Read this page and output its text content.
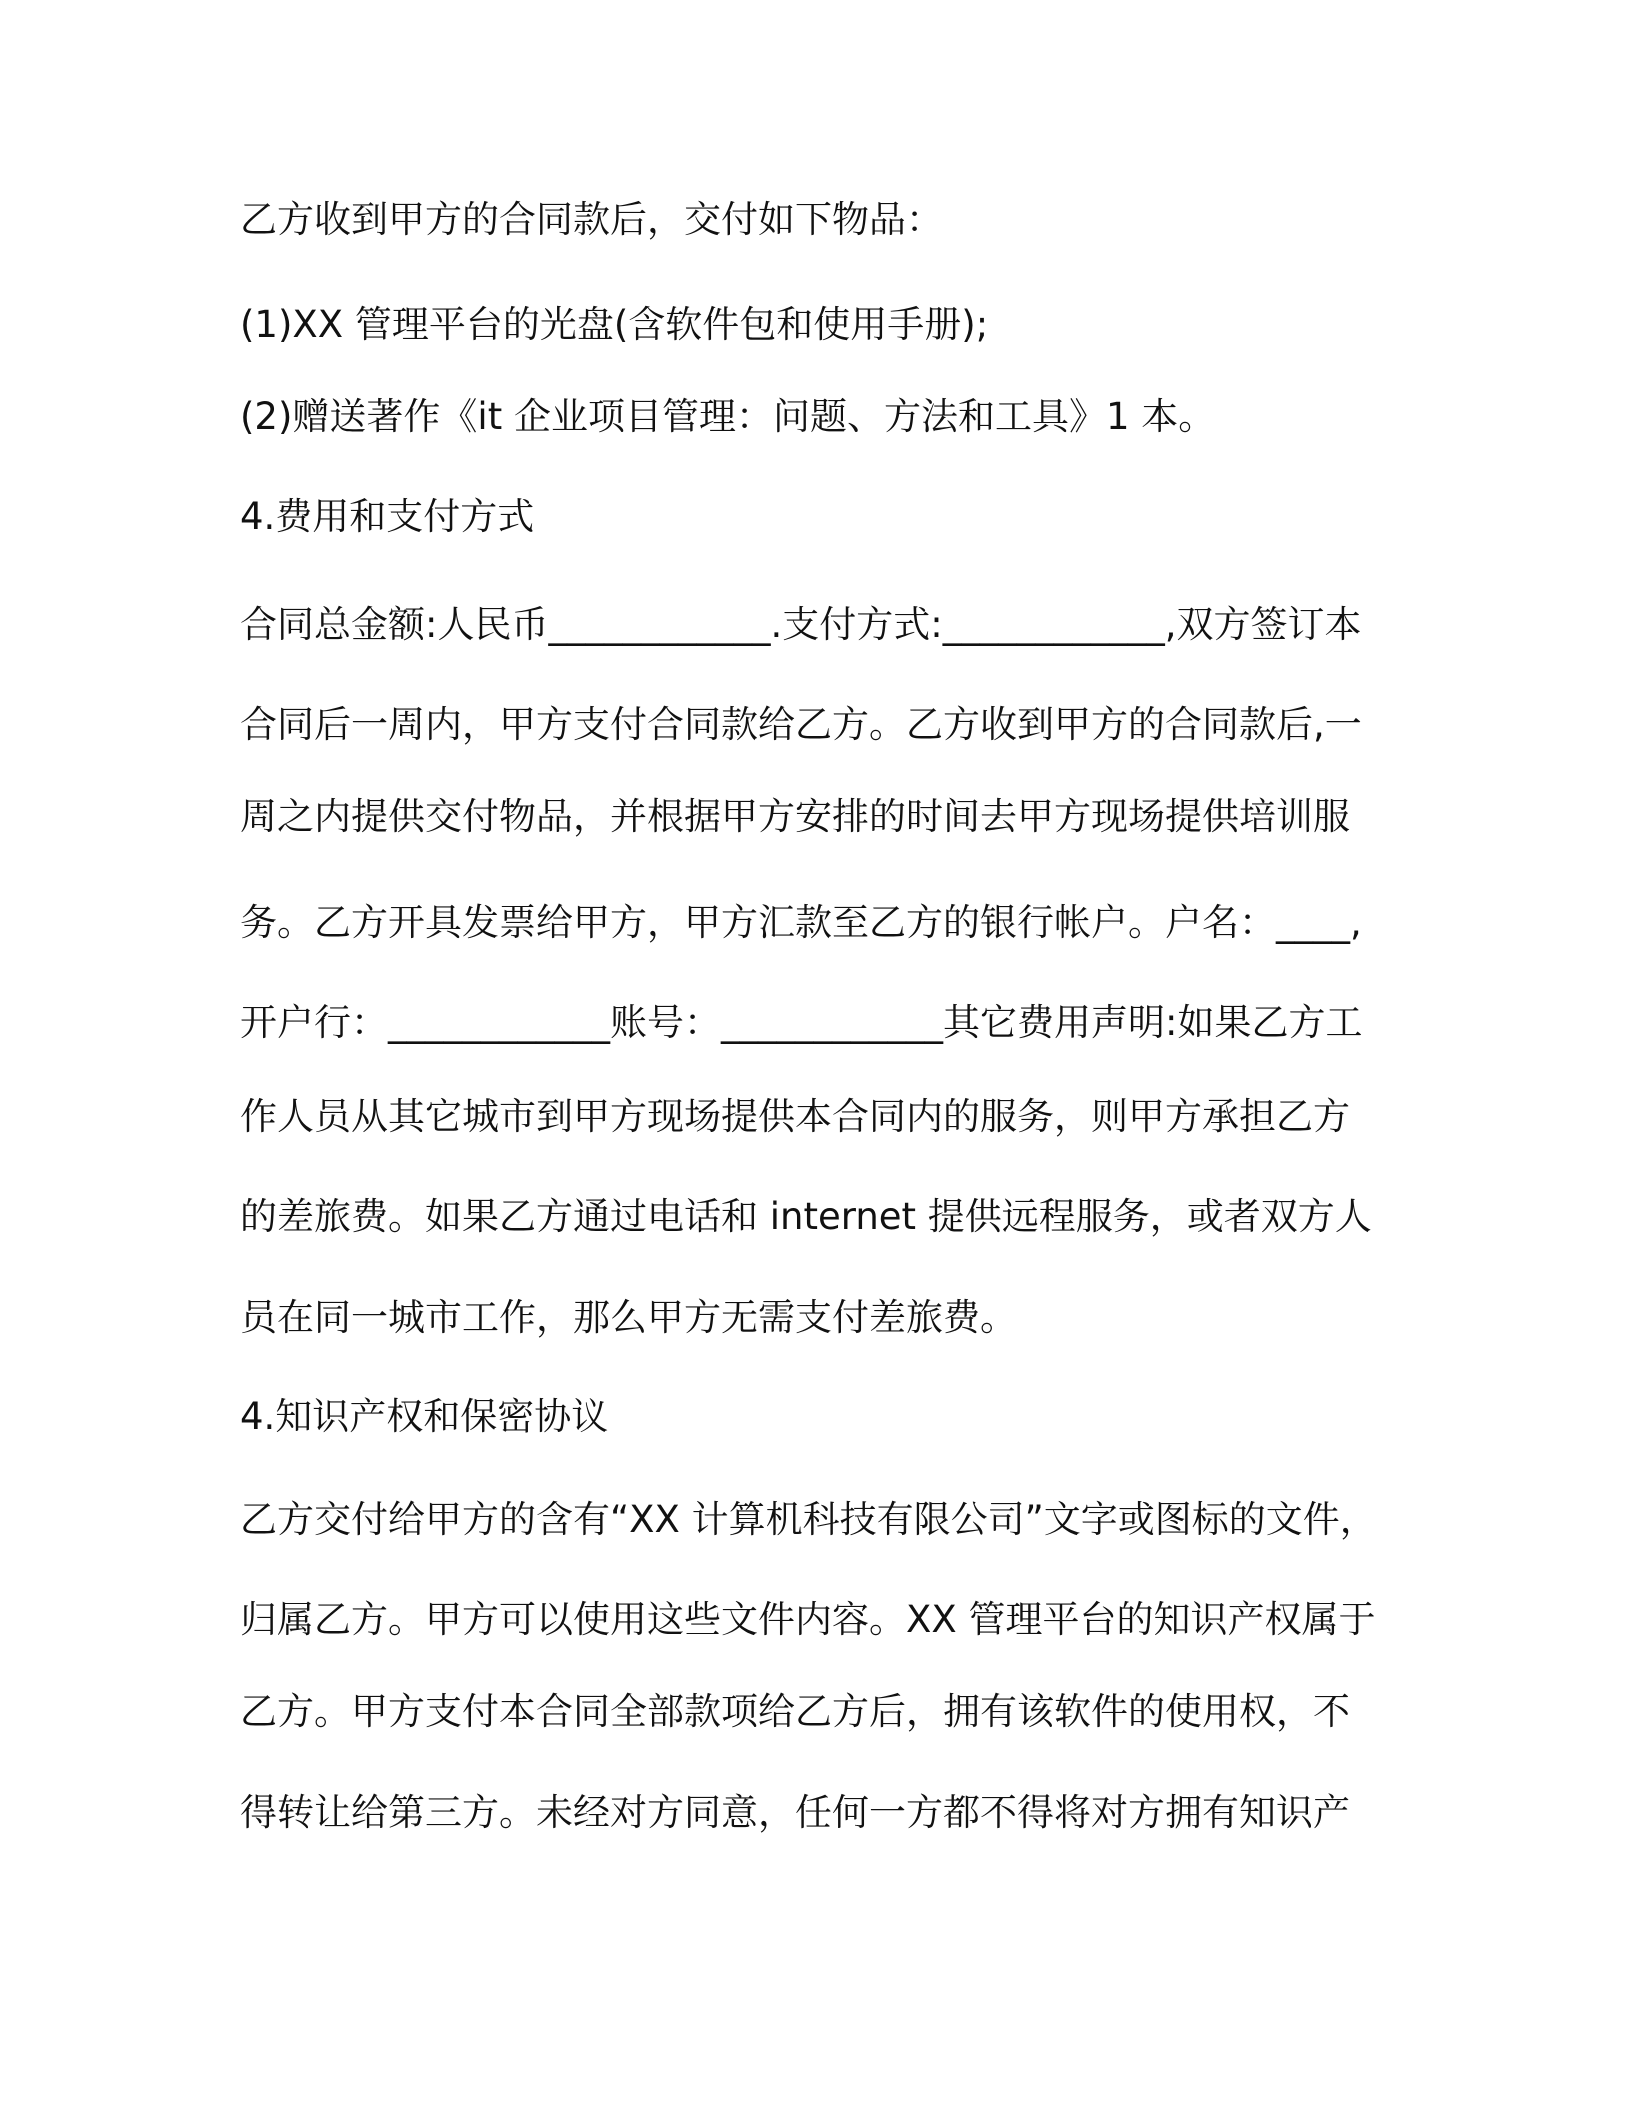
乙方收到甲方的合同款后，交付如下物品：

(1)XX 管理平台的光盘(含软件包和使用手册);

(2)赠送著作《it 企业项目管理：问题、方法和工具》1 本。

4.费用和支付方式

合同总金额:人民币____________.支付方式:____________,双方签订本

合同后一周内，甲方支付合同款给乙方。乙方收到甲方的合同款后,一

周之内提供交付物品，并根据甲方安排的时间去甲方现场提供培训服

务。乙方开具发票给甲方，甲方汇款至乙方的银行帐户。户名：____,

开户行：____________账号：____________其它费用声明:如果乙方工

作人员从其它城市到甲方现场提供本合同内的服务，则甲方承担乙方

的差旅费。如果乙方通过电话和 internet 提供远程服务，或者双方人

员在同一城市工作，那么甲方无需支付差旅费。

4.知识产权和保密协议

乙方交付给甲方的含有“XX 计算机科技有限公司”文字或图标的文件，

归属乙方。甲方可以使用这些文件内容。XX 管理平台的知识产权属于

乙方。甲方支付本合同全部款项给乙方后，拥有该软件的使用权，不

得转让给第三方。未经对方同意，任何一方都不得将对方拥有知识产
